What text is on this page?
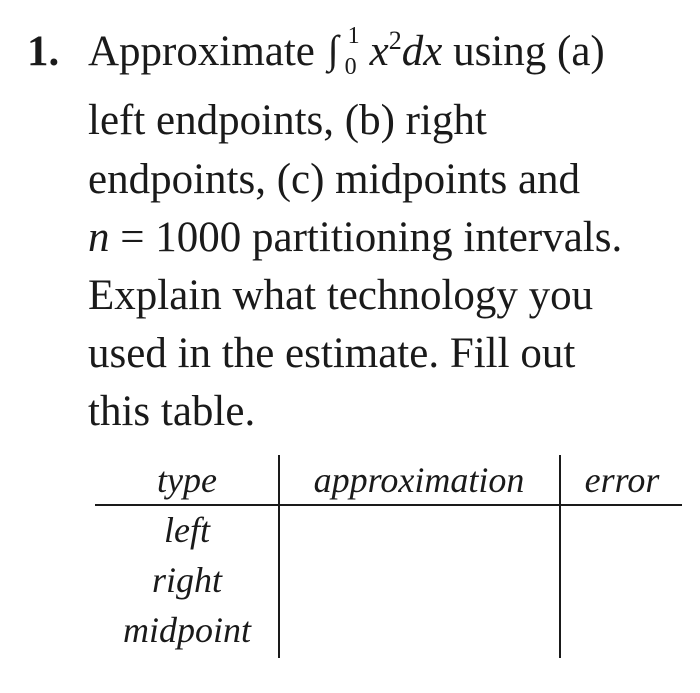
1. Approximate ∫ 1
0 $x^2dx$ using (a)
left endpoints, (b) right
endpoints, (c) midpoints and
n = 1000 partitioning intervals.
Explain what technology you
used in the estimate. Fill out
this table.
type	approximation	error
left
right
midpoint
